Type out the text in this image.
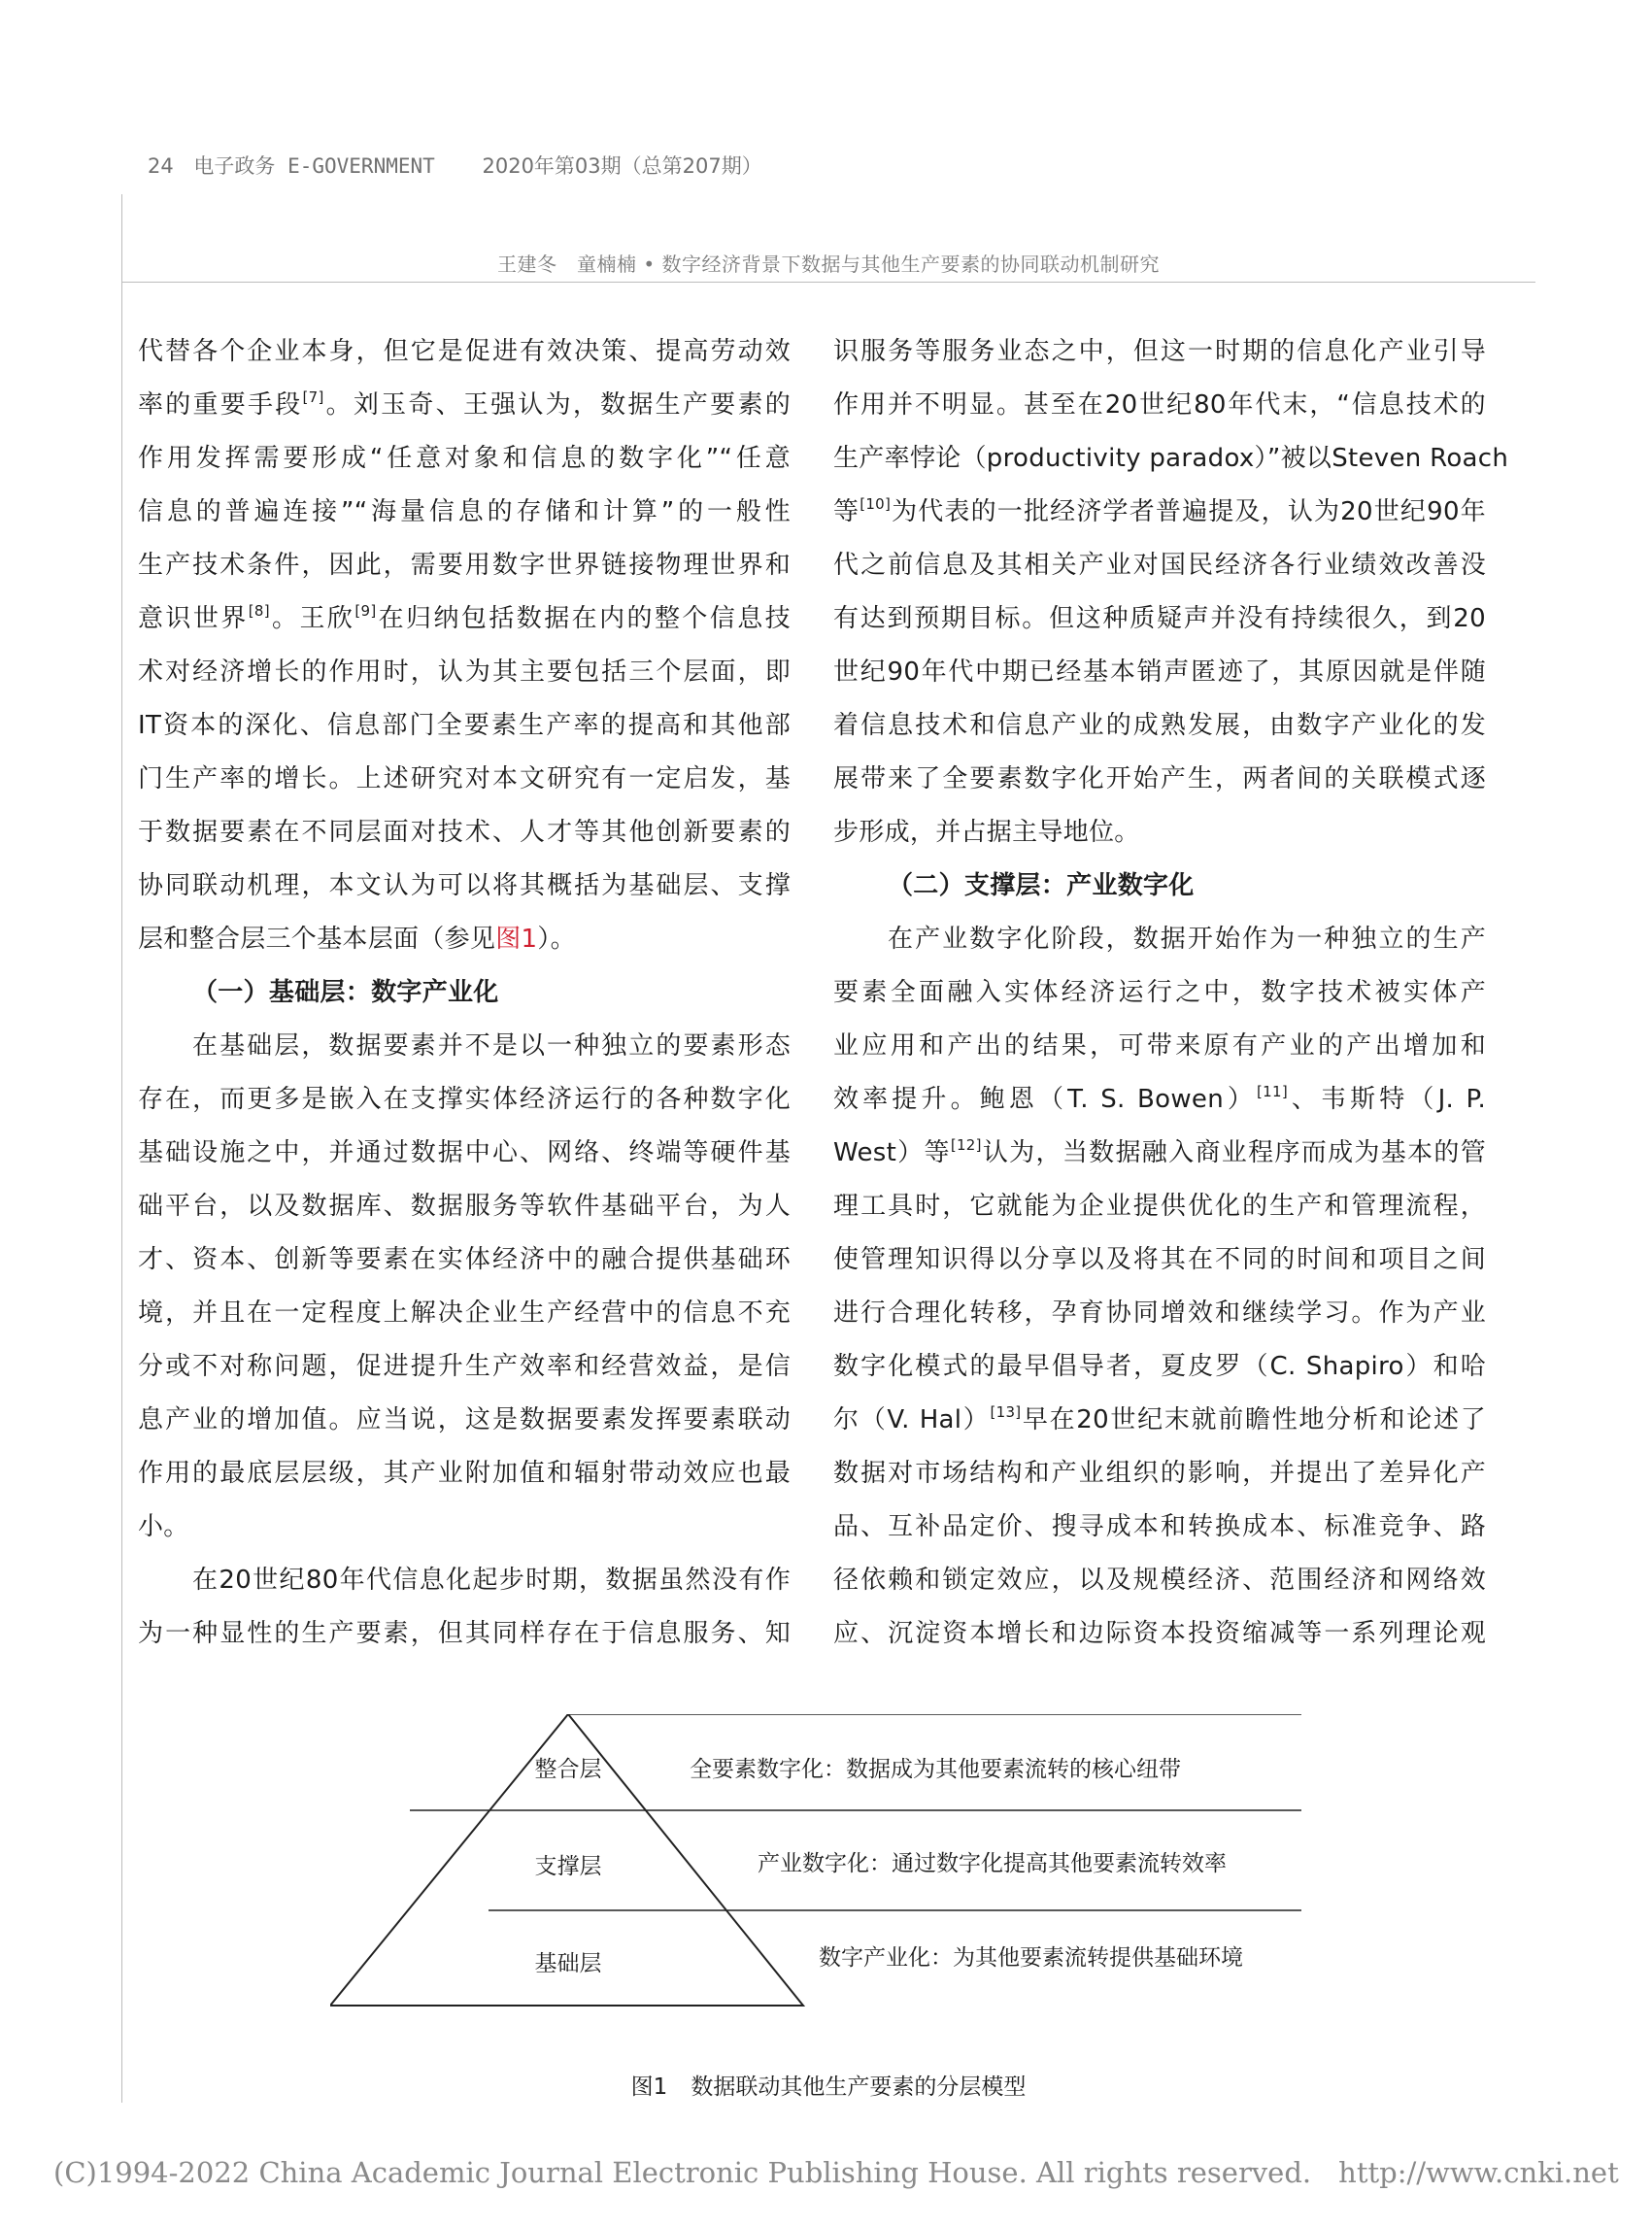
24 电子政务 E-GOVERNMENT 2020年第03期（总第207期）
王建冬　童楠楠 • 数字经济背景下数据与其他生产要素的协同联动机制研究
代替各个企业本身，但它是促进有效决策、提高劳动效
率的重要手段[7]。刘玉奇、王强认为，数据生产要素的
作用发挥需要形成“任意对象和信息的数字化”“任意
信息的普遍连接”“海量信息的存储和计算”的一般性
生产技术条件，因此，需要用数字世界链接物理世界和
意识世界[8]。王欣[9]在归纳包括数据在内的整个信息技
术对经济增长的作用时，认为其主要包括三个层面，即
IT资本的深化、信息部门全要素生产率的提高和其他部
门生产率的增长。上述研究对本文研究有一定启发，基
于数据要素在不同层面对技术、人才等其他创新要素的
协同联动机理，本文认为可以将其概括为基础层、支撑
层和整合层三个基本层面（参见图1）。
（一）基础层：数字产业化
在基础层，数据要素并不是以一种独立的要素形态
存在，而更多是嵌入在支撑实体经济运行的各种数字化
基础设施之中，并通过数据中心、网络、终端等硬件基
础平台，以及数据库、数据服务等软件基础平台，为人
才、资本、创新等要素在实体经济中的融合提供基础环
境，并且在一定程度上解决企业生产经营中的信息不充
分或不对称问题，促进提升生产效率和经营效益，是信
息产业的增加值。应当说，这是数据要素发挥要素联动
作用的最底层层级，其产业附加值和辐射带动效应也最
小。
在20世纪80年代信息化起步时期，数据虽然没有作
为一种显性的生产要素，但其同样存在于信息服务、知
识服务等服务业态之中，但这一时期的信息化产业引导
作用并不明显。甚至在20世纪80年代末，“信息技术的
生产率悖论（productivity paradox）”被以Steven Roach
等[10]为代表的一批经济学者普遍提及，认为20世纪90年
代之前信息及其相关产业对国民经济各行业绩效改善没
有达到预期目标。但这种质疑声并没有持续很久，到20
世纪90年代中期已经基本销声匿迹了，其原因就是伴随
着信息技术和信息产业的成熟发展，由数字产业化的发
展带来了全要素数字化开始产生，两者间的关联模式逐
步形成，并占据主导地位。
（二）支撑层：产业数字化
在产业数字化阶段，数据开始作为一种独立的生产
要素全面融入实体经济运行之中，数字技术被实体产
业应用和产出的结果，可带来原有产业的产出增加和
效率提升。鲍恩（T. S. Bowen）[11]、韦斯特（J. P.
West）等[12]认为，当数据融入商业程序而成为基本的管
理工具时，它就能为企业提供优化的生产和管理流程，
使管理知识得以分享以及将其在不同的时间和项目之间
进行合理化转移，孕育协同增效和继续学习。作为产业
数字化模式的最早倡导者，夏皮罗（C. Shapiro）和哈
尔（V. Hal）[13]早在20世纪末就前瞻性地分析和论述了
数据对市场结构和产业组织的影响，并提出了差异化产
品、互补品定价、搜寻成本和转换成本、标准竞争、路
径依赖和锁定效应，以及规模经济、范围经济和网络效
应、沉淀资本增长和边际资本投资缩减等一系列理论观
整合层	全要素数字化：数据成为其他要素流转的核心纽带
支撑层	产业数字化：通过数字化提高其他要素流转效率
基础层	数字产业化：为其他要素流转提供基础环境
图1 数据联动其他生产要素的分层模型
(C)1994-2022 China Academic Journal Electronic Publishing House. All rights reserved. http://www.cnki.net
